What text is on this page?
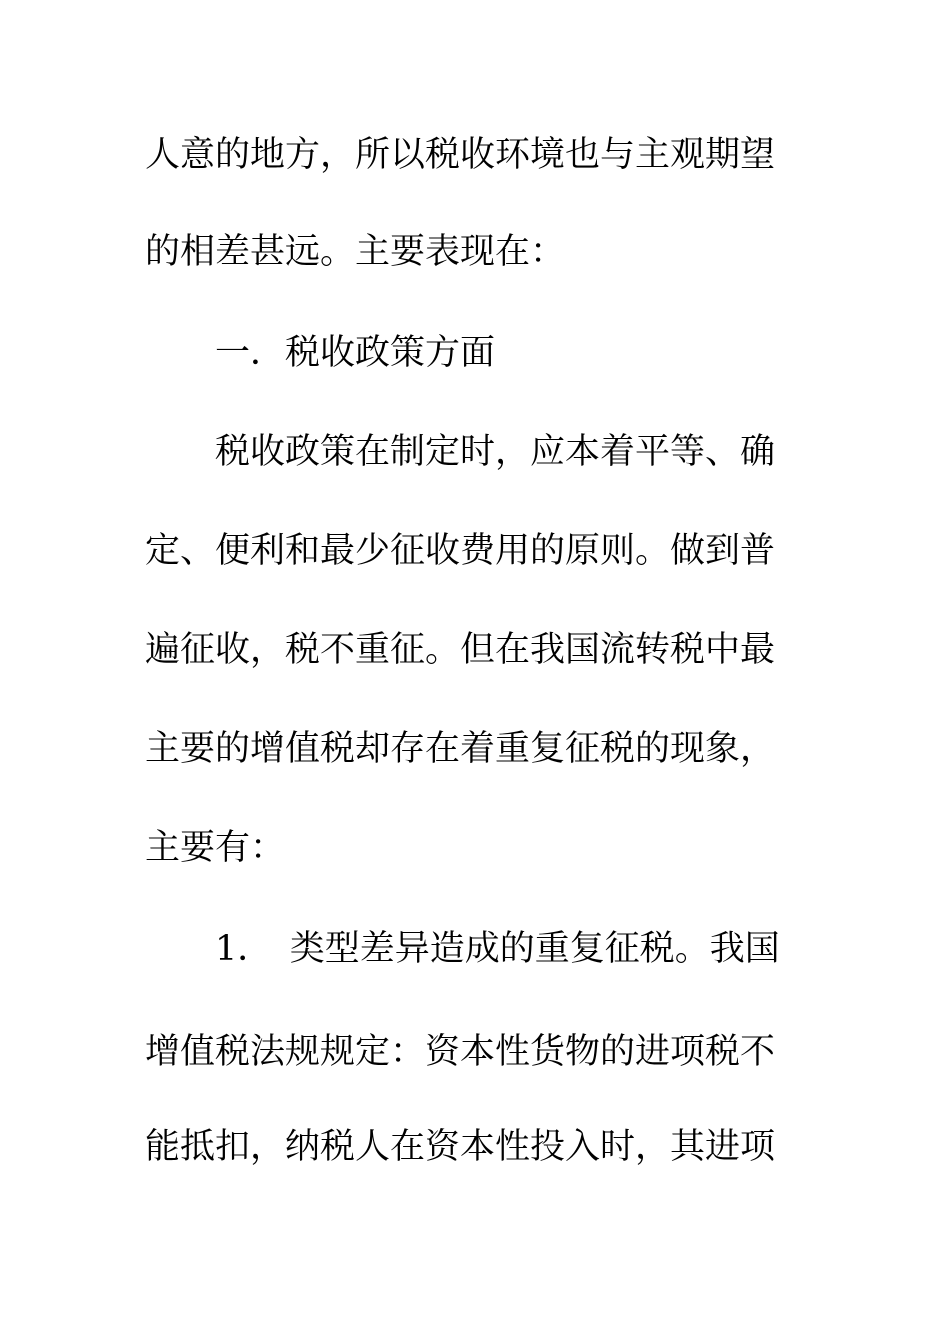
人意的地方，所以税收环境也与主观期望
的相差甚远。主要表现在：
一．税收政策方面
税收政策在制定时，应本着平等、确
定、便利和最少征收费用的原则。做到普
遍征收，税不重征。但在我国流转税中最
主要的增值税却存在着重复征税的现象，
主要有：
1．　类型差异造成的重复征税。我国
增值税法规规定：资本性货物的进项税不
能抵扣，纳税人在资本性投入时，其进项
